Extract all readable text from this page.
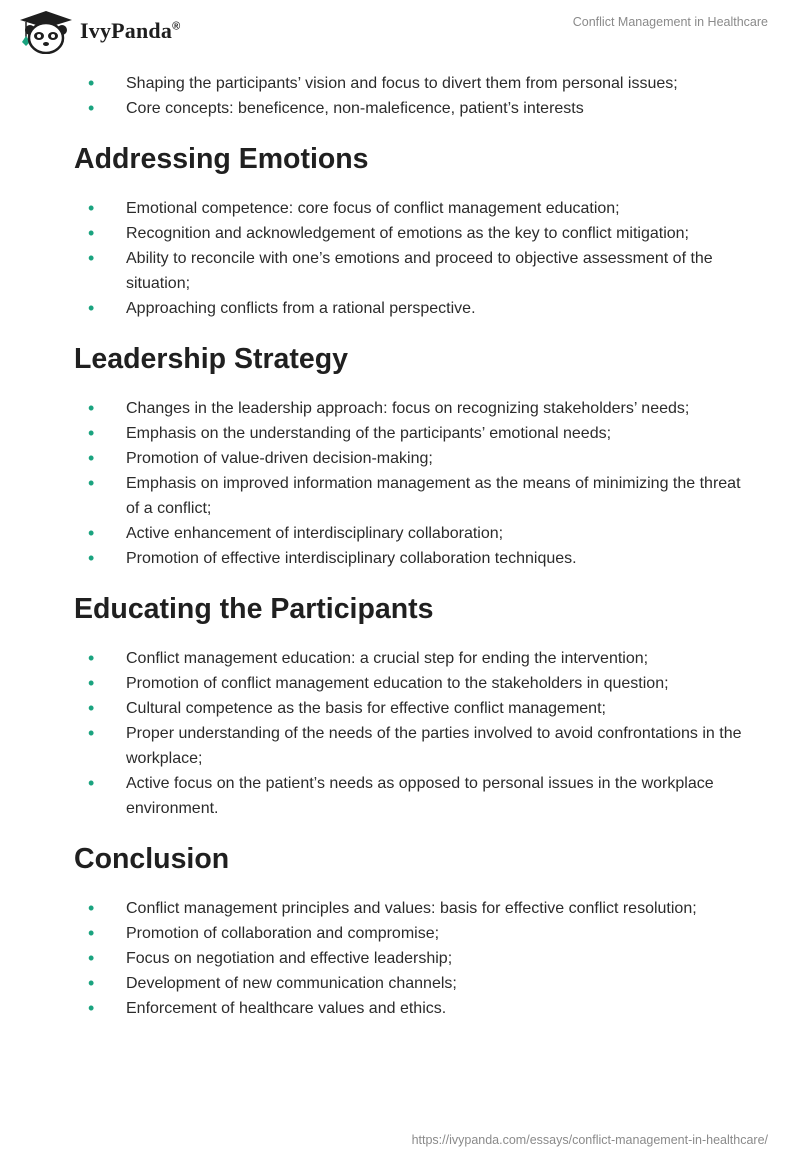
IvyPanda®	Conflict Management in Healthcare
• Shaping the participants’ vision and focus to divert them from personal issues;
• Core concepts: beneficence, non-maleficence, patient’s interests
Addressing Emotions
• Emotional competence: core focus of conflict management education;
• Recognition and acknowledgement of emotions as the key to conflict mitigation;
• Ability to reconcile with one’s emotions and proceed to objective assessment of the situation;
• Approaching conflicts from a rational perspective.
Leadership Strategy
• Changes in the leadership approach: focus on recognizing stakeholders’ needs;
• Emphasis on the understanding of the participants’ emotional needs;
• Promotion of value-driven decision-making;
• Emphasis on improved information management as the means of minimizing the threat of a conflict;
• Active enhancement of interdisciplinary collaboration;
• Promotion of effective interdisciplinary collaboration techniques.
Educating the Participants
• Conflict management education: a crucial step for ending the intervention;
• Promotion of conflict management education to the stakeholders in question;
• Cultural competence as the basis for effective conflict management;
• Proper understanding of the needs of the parties involved to avoid confrontations in the workplace;
• Active focus on the patient’s needs as opposed to personal issues in the workplace environment.
Conclusion
• Conflict management principles and values: basis for effective conflict resolution;
• Promotion of collaboration and compromise;
• Focus on negotiation and effective leadership;
• Development of new communication channels;
• Enforcement of healthcare values and ethics.
https://ivypanda.com/essays/conflict-management-in-healthcare/
